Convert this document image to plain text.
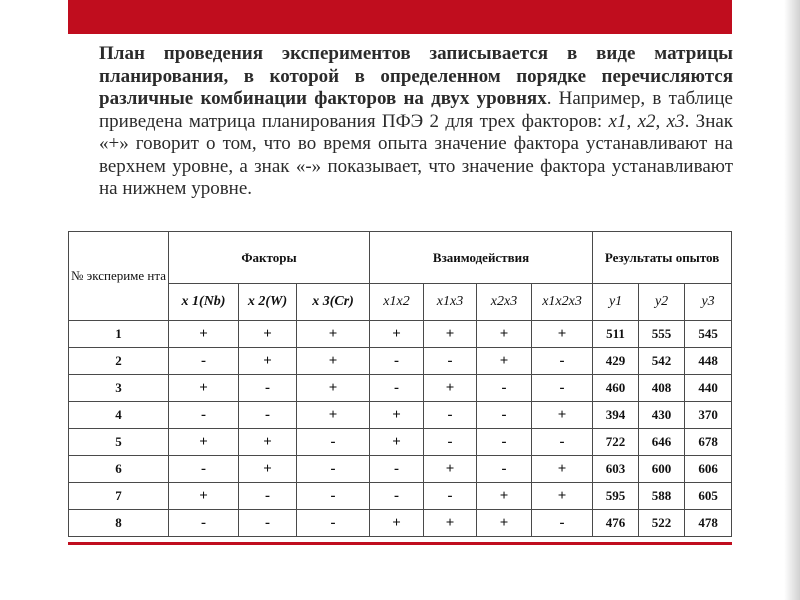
План проведения экспериментов записывается в виде матрицы планирования, в которой в определенном порядке перечисляются различные комбинации факторов на двух уровнях. Например, в таблице приведена матрица планирования ПФЭ 2 для трех факторов: x1, x2, x3. Знак «+» говорит о том, что во время опыта значение фактора устанавливают на верхнем уровне, а знак «-» показывает, что значение фактора устанавливают на нижнем уровне.
№ экспериме нта	Факторы			Взаимодействия				Результаты опытов		
	x 1(Nb)	x 2(W)	x 3(Cr)	x1x2	x1x3	x2x3	x1x2x3	y1	y2	y3
1	+	+	+	+	+	+	+	511	555	545
2	-	+	+	-	-	+	-	429	542	448
3	+	-	+	-	+	-	-	460	408	440
4	-	-	+	+	-	-	+	394	430	370
5	+	+	-	+	-	-	-	722	646	678
6	-	+	-	-	+	-	+	603	600	606
7	+	-	-	-	-	+	+	595	588	605
8	-	-	-	+	+	+	-	476	522	478
